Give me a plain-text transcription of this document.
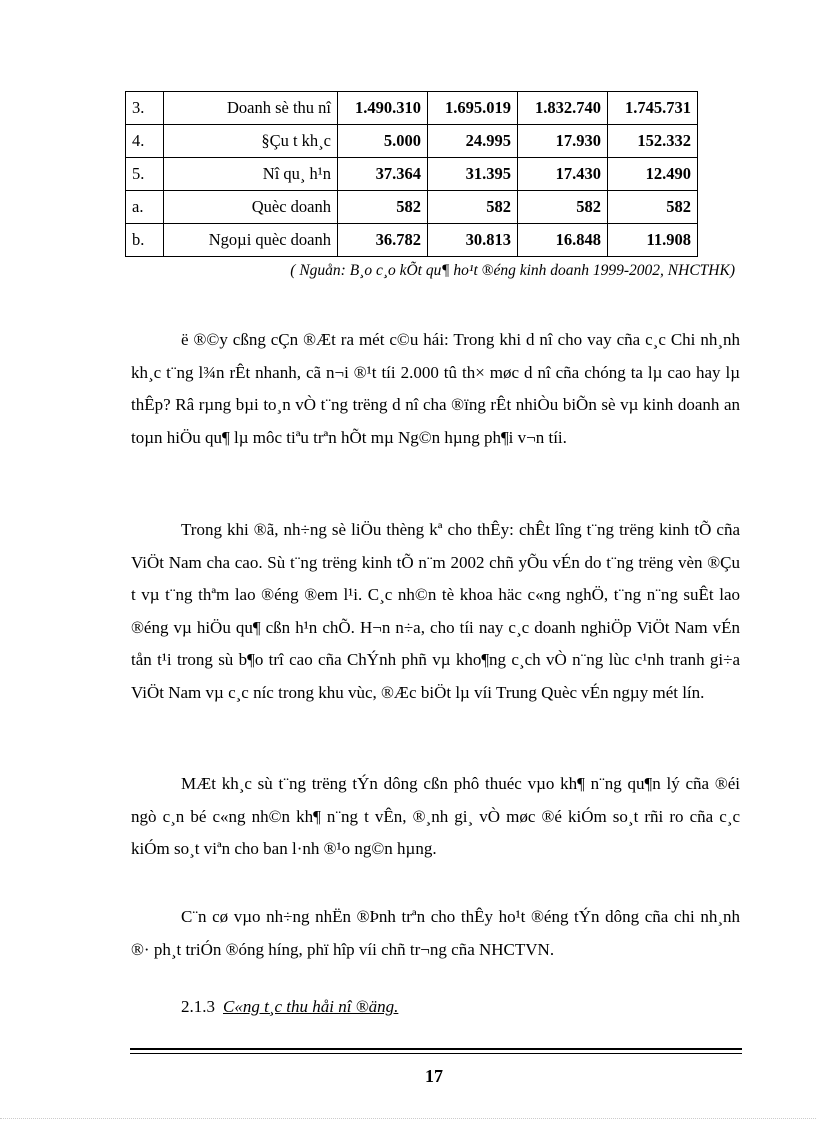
3.	Doanh sè thu nî	1.490.310	1.695.019	1.832.740	1.745.731
4.	§Çu t kh¸c	5.000	24.995	17.930	152.332
5.	Nî qu¸ h¹n	37.364	31.395	17.430	12.490
a.	Quèc doanh	582	582	582	582
b.	Ngoµi quèc doanh	36.782	30.813	16.848	11.908
( Nguån: B¸o c¸o kÕt qu¶ ho¹t ®éng kinh doanh 1999-2002, NHCTHK)

ë ®©y cßng cÇn ®Æt ra mét c©u hái: Trong khi d nî cho vay cña c¸c Chi nh¸nh kh¸c t¨ng l¾n rÊt nhanh, cã n¬i ®¹t tíi 2.000 tû th× møc d nî cña chóng ta lµ cao hay lµ thÊp? Râ rµng bµi to¸n vÒ t¨ng trëng d nî cha ®ïng rÊt nhiÒu biÕn sè vµ kinh doanh an toµn hiÖu qu¶ lµ môc tiªu trªn hÕt mµ Ng©n hµng ph¶i v¬n tíi.

Trong khi ®ã, nh÷ng sè liÖu thèng kª cho thÊy: chÊt lîng t¨ng trëng kinh tÕ cña ViÖt Nam cha cao. Sù t¨ng trëng kinh tÕ n¨m 2002 chñ yÕu vÉn do t¨ng trëng vèn ®Çu t vµ t¨ng thªm lao ®éng ®em l¹i. C¸c nh©n tè khoa häc c«ng nghÖ, t¨ng n¨ng suÊt lao ®éng vµ hiÖu qu¶ cßn h¹n chÕ. H¬n n÷a, cho tíi nay c¸c doanh nghiÖp ViÖt Nam vÉn tån t¹i trong sù b¶o trî cao cña ChÝnh phñ vµ kho¶ng c¸ch vÒ n¨ng lùc c¹nh tranh gi÷a ViÖt Nam vµ c¸c níc trong khu vùc, ®Æc biÖt lµ víi Trung Quèc vÉn ngµy mét lín.

MÆt kh¸c sù t¨ng trëng tÝn dông cßn phô thuéc vµo kh¶ n¨ng qu¶n lý cña ®éi ngò c¸n bé c«ng nh©n kh¶ n¨ng t vÊn, ®¸nh gi¸ vÒ møc ®é kiÓm so¸t rñi ro cña c¸c kiÓm so¸t viªn cho ban l·nh ®¹o ng©n hµng.

C¨n cø vµo nh÷ng nhËn ®Þnh trªn cho thÊy ho¹t ®éng tÝn dông cña chi nh¸nh ®· ph¸t triÓn ®óng híng, phï hîp víi chñ tr¬ng cña NHCTVN.

2.1.3 C«ng t¸c thu håi nî ®äng.
17
